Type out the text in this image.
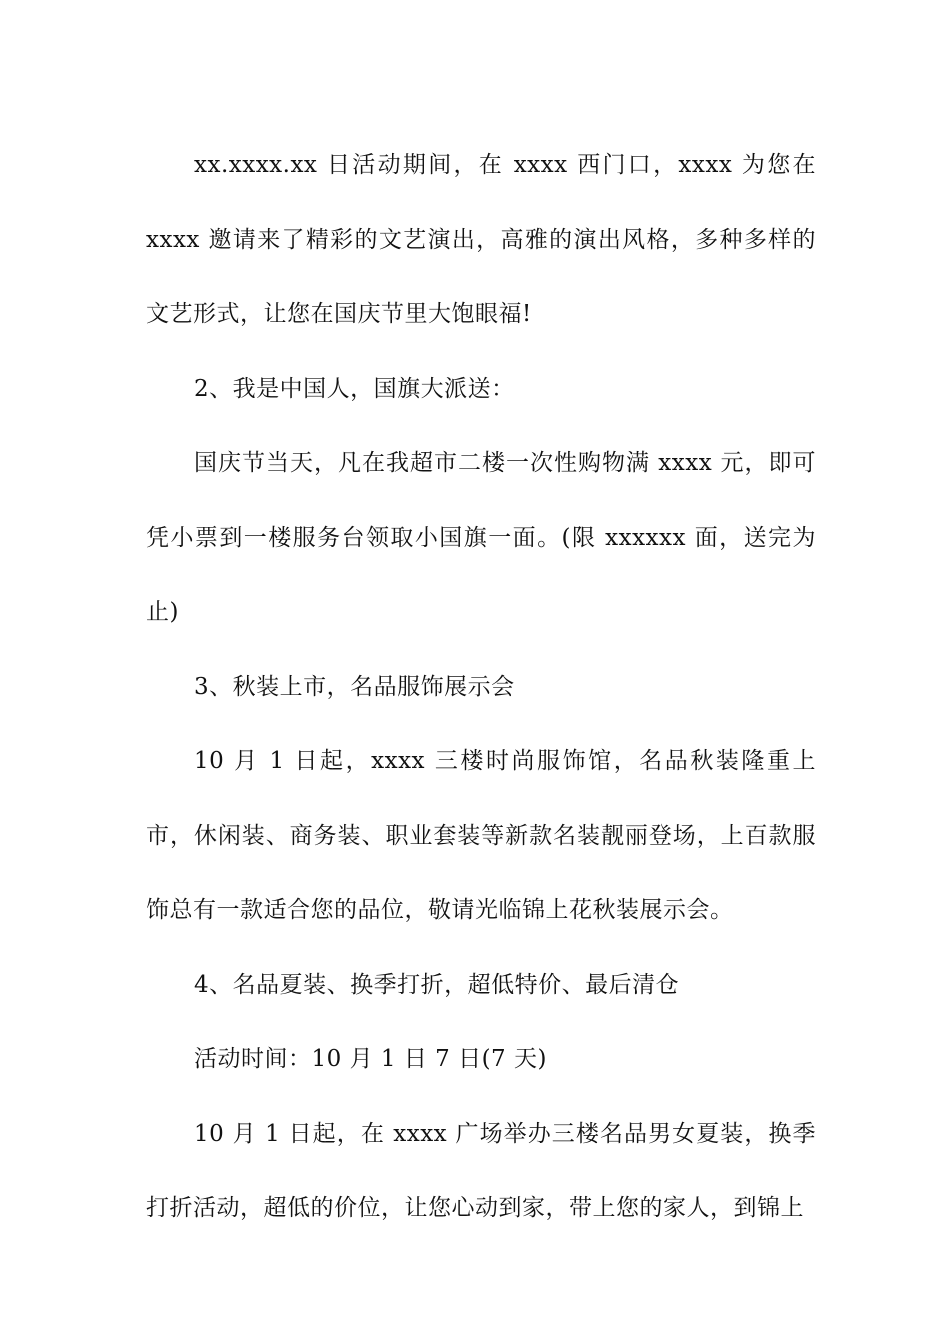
xx.xxxx.xx 日活动期间，在 xxxx 西门口，xxxx 为您在 xxxx 邀请来了精彩的文艺演出，高雅的演出风格，多种多样的文艺形式，让您在国庆节里大饱眼福!

2、我是中国人，国旗大派送：

国庆节当天，凡在我超市二楼一次性购物满 xxxx 元，即可凭小票到一楼服务台领取小国旗一面。(限 xxxxxx 面，送完为止)

3、秋装上市，名品服饰展示会

10 月 1 日起，xxxx 三楼时尚服饰馆，名品秋装隆重上市，休闲装、商务装、职业套装等新款名装靓丽登场，上百款服饰总有一款适合您的品位，敬请光临锦上花秋装展示会。

4、名品夏装、换季打折，超低特价、最后清仓

活动时间：10 月 1 日 7 日(7 天)

10 月 1 日起，在 xxxx 广场举办三楼名品男女夏装，换季打折活动，超低的价位，让您心动到家，带上您的家人，到锦上
